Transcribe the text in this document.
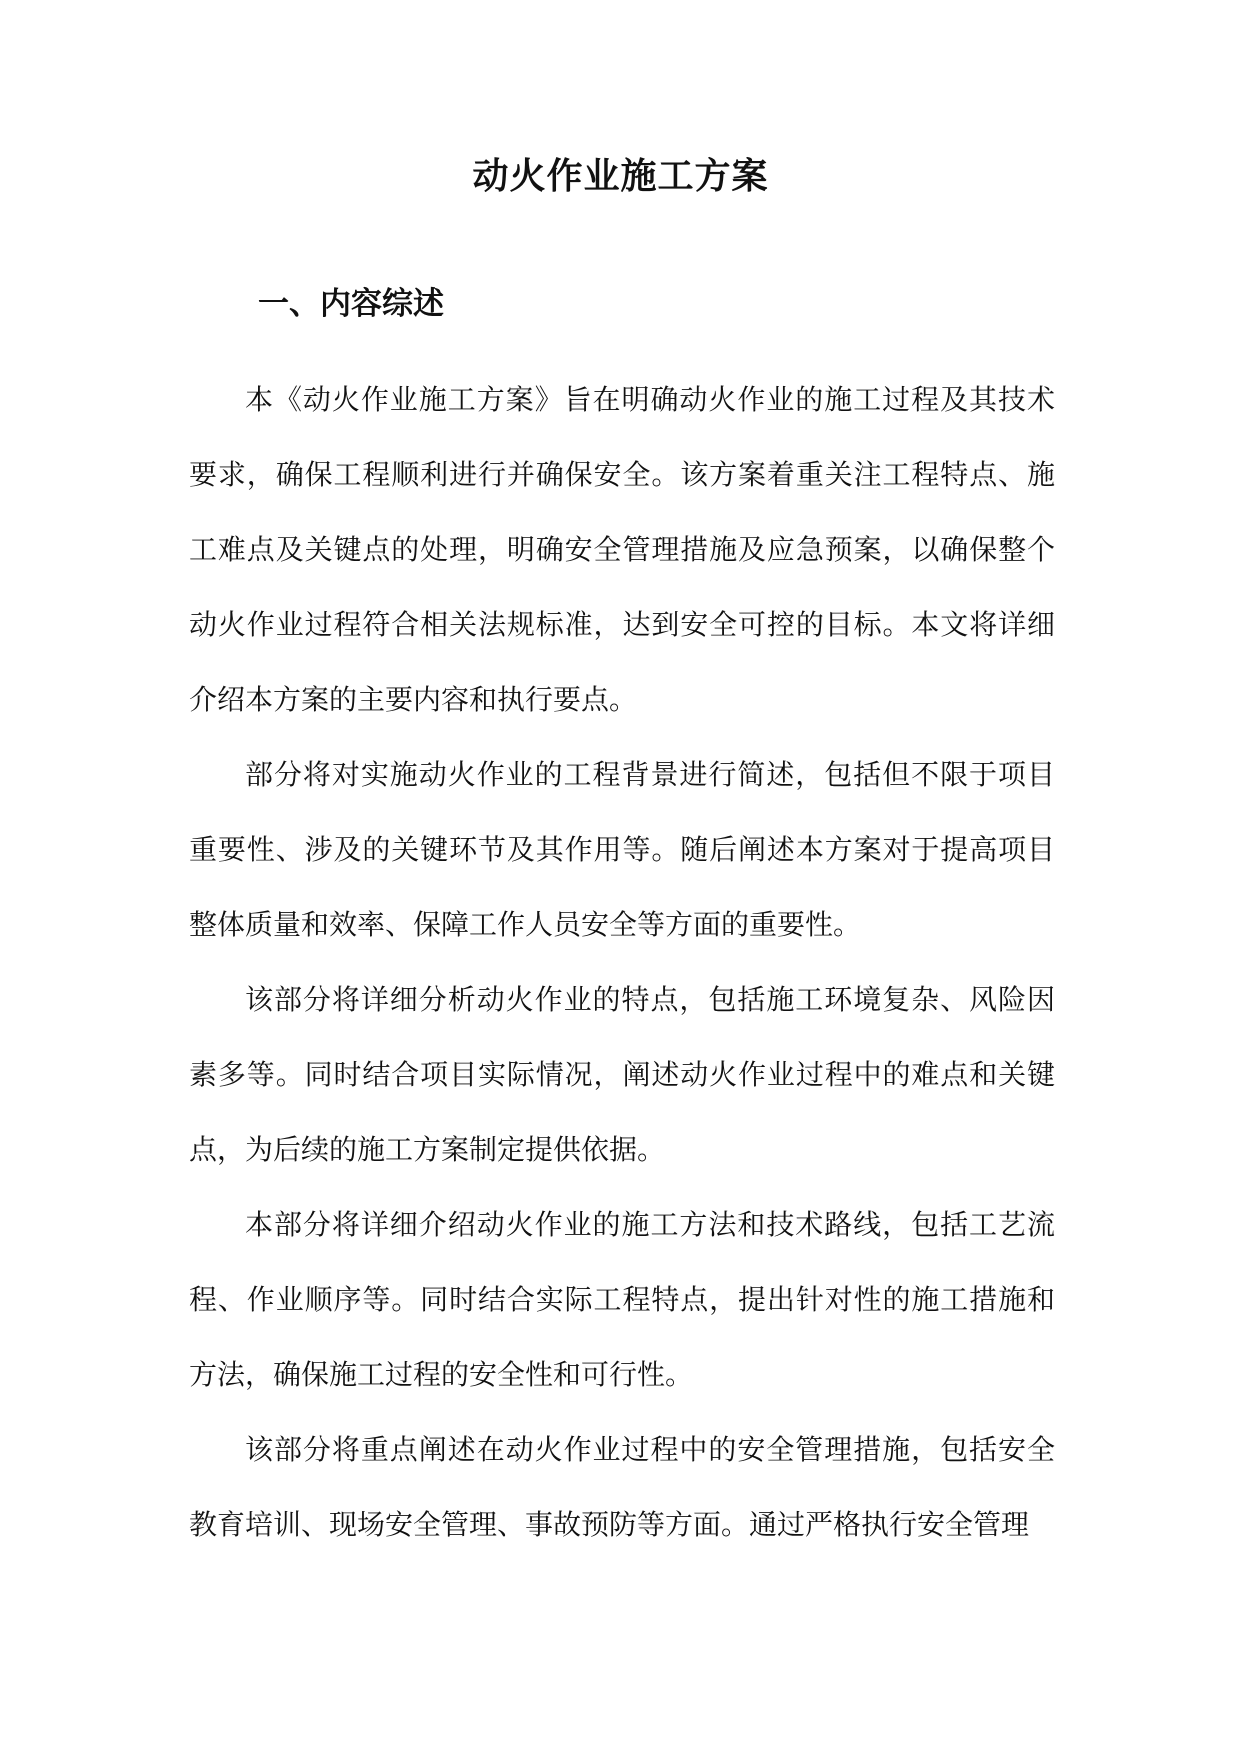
动火作业施工方案
一、内容综述

本《动火作业施工方案》旨在明确动火作业的施工过程及其技术要求，确保工程顺利进行并确保安全。该方案着重关注工程特点、施工难点及关键点的处理，明确安全管理措施及应急预案，以确保整个动火作业过程符合相关法规标准，达到安全可控的目标。本文将详细介绍本方案的主要内容和执行要点。

部分将对实施动火作业的工程背景进行简述，包括但不限于项目重要性、涉及的关键环节及其作用等。随后阐述本方案对于提高项目整体质量和效率、保障工作人员安全等方面的重要性。

该部分将详细分析动火作业的特点，包括施工环境复杂、风险因素多等。同时结合项目实际情况，阐述动火作业过程中的难点和关键点，为后续的施工方案制定提供依据。

本部分将详细介绍动火作业的施工方法和技术路线，包括工艺流程、作业顺序等。同时结合实际工程特点，提出针对性的施工措施和方法，确保施工过程的安全性和可行性。

该部分将重点阐述在动火作业过程中的安全管理措施，包括安全教育培训、现场安全管理、事故预防等方面。通过严格执行安全管理
